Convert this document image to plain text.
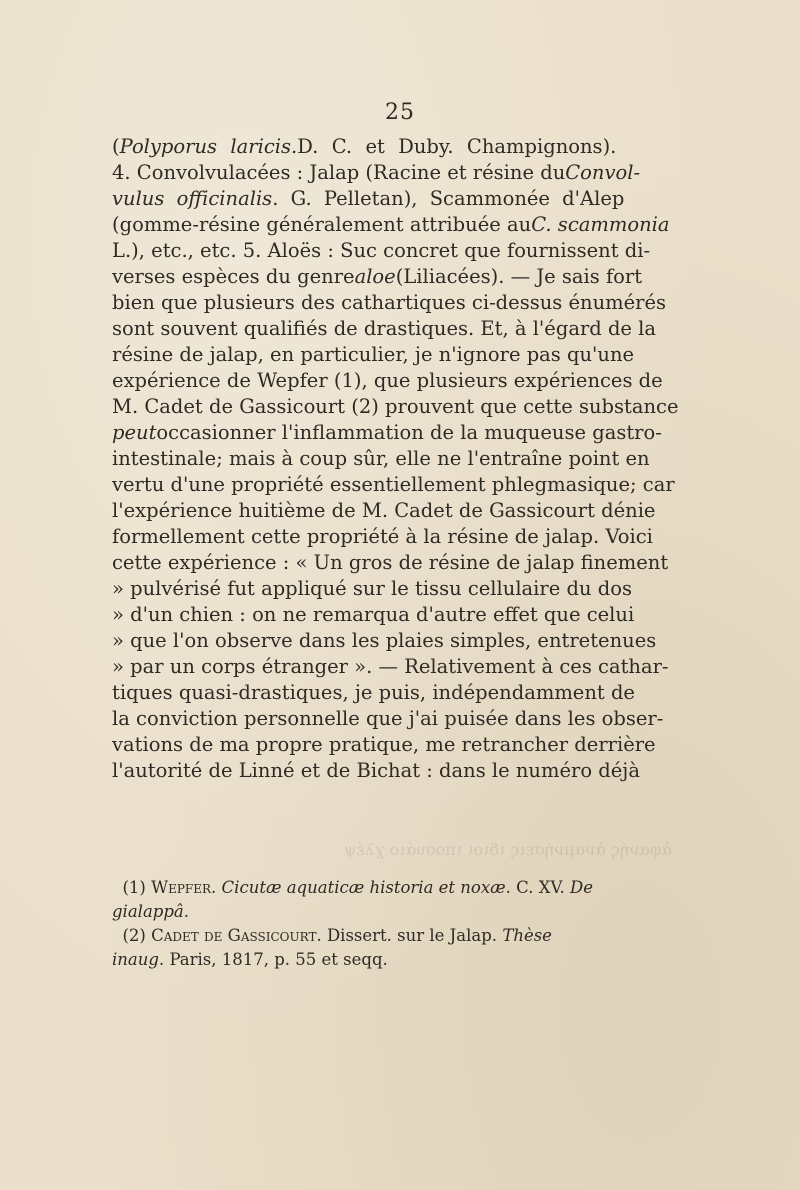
ἀφανής ἀναμνήσεις ιδιοι ιποουάιο χλέψ
25
(Polyporus laricis.D. C. et Duby. Champignons).
4. Convolvulacées : Jalap (Racine et résine duConvol-
vulus officinalis. G. Pelletan), Scammonée d'Alep
(gomme-résine généralement attribuée auC. scammonia
L.), etc., etc. 5. Aloës : Suc concret que fournissent di-
verses espèces du genrealoe(Liliacées). — Je sais fort
bien que plusieurs des cathartiques ci-dessus énumérés
sont souvent qualifiés de drastiques. Et, à l'égard de la
résine de jalap, en particulier, je n'ignore pas qu'une
expérience de Wepfer (1), que plusieurs expériences de
M. Cadet de Gassicourt (2) prouvent que cette substance
peutoccasionner l'inflammation de la muqueuse gastro-
intestinale; mais à coup sûr, elle ne l'entraîne point en
vertu d'une propriété essentiellement phlegmasique; car
l'expérience huitième de M. Cadet de Gassicourt dénie
formellement cette propriété à la résine de jalap. Voici
cette expérience : « Un gros de résine de jalap finement
» pulvérisé fut appliqué sur le tissu cellulaire du dos
» d'un chien : on ne remarqua d'autre effet que celui
» que l'on observe dans les plaies simples, entretenues
» par un corps étranger ». — Relativement à ces cathar-
tiques quasi-drastiques, je puis, indépendamment de
la conviction personnelle que j'ai puisée dans les obser-
vations de ma propre pratique, me retrancher derrière
l'autorité de Linné et de Bichat : dans le numéro déjà
(1) Wepfer. Cicutæ aquaticæ historia et noxæ. C. XV. De
gialappâ.
(2) Cadet de Gassicourt. Dissert. sur le Jalap. Thèse
inaug. Paris, 1817, p. 55 et seqq.
